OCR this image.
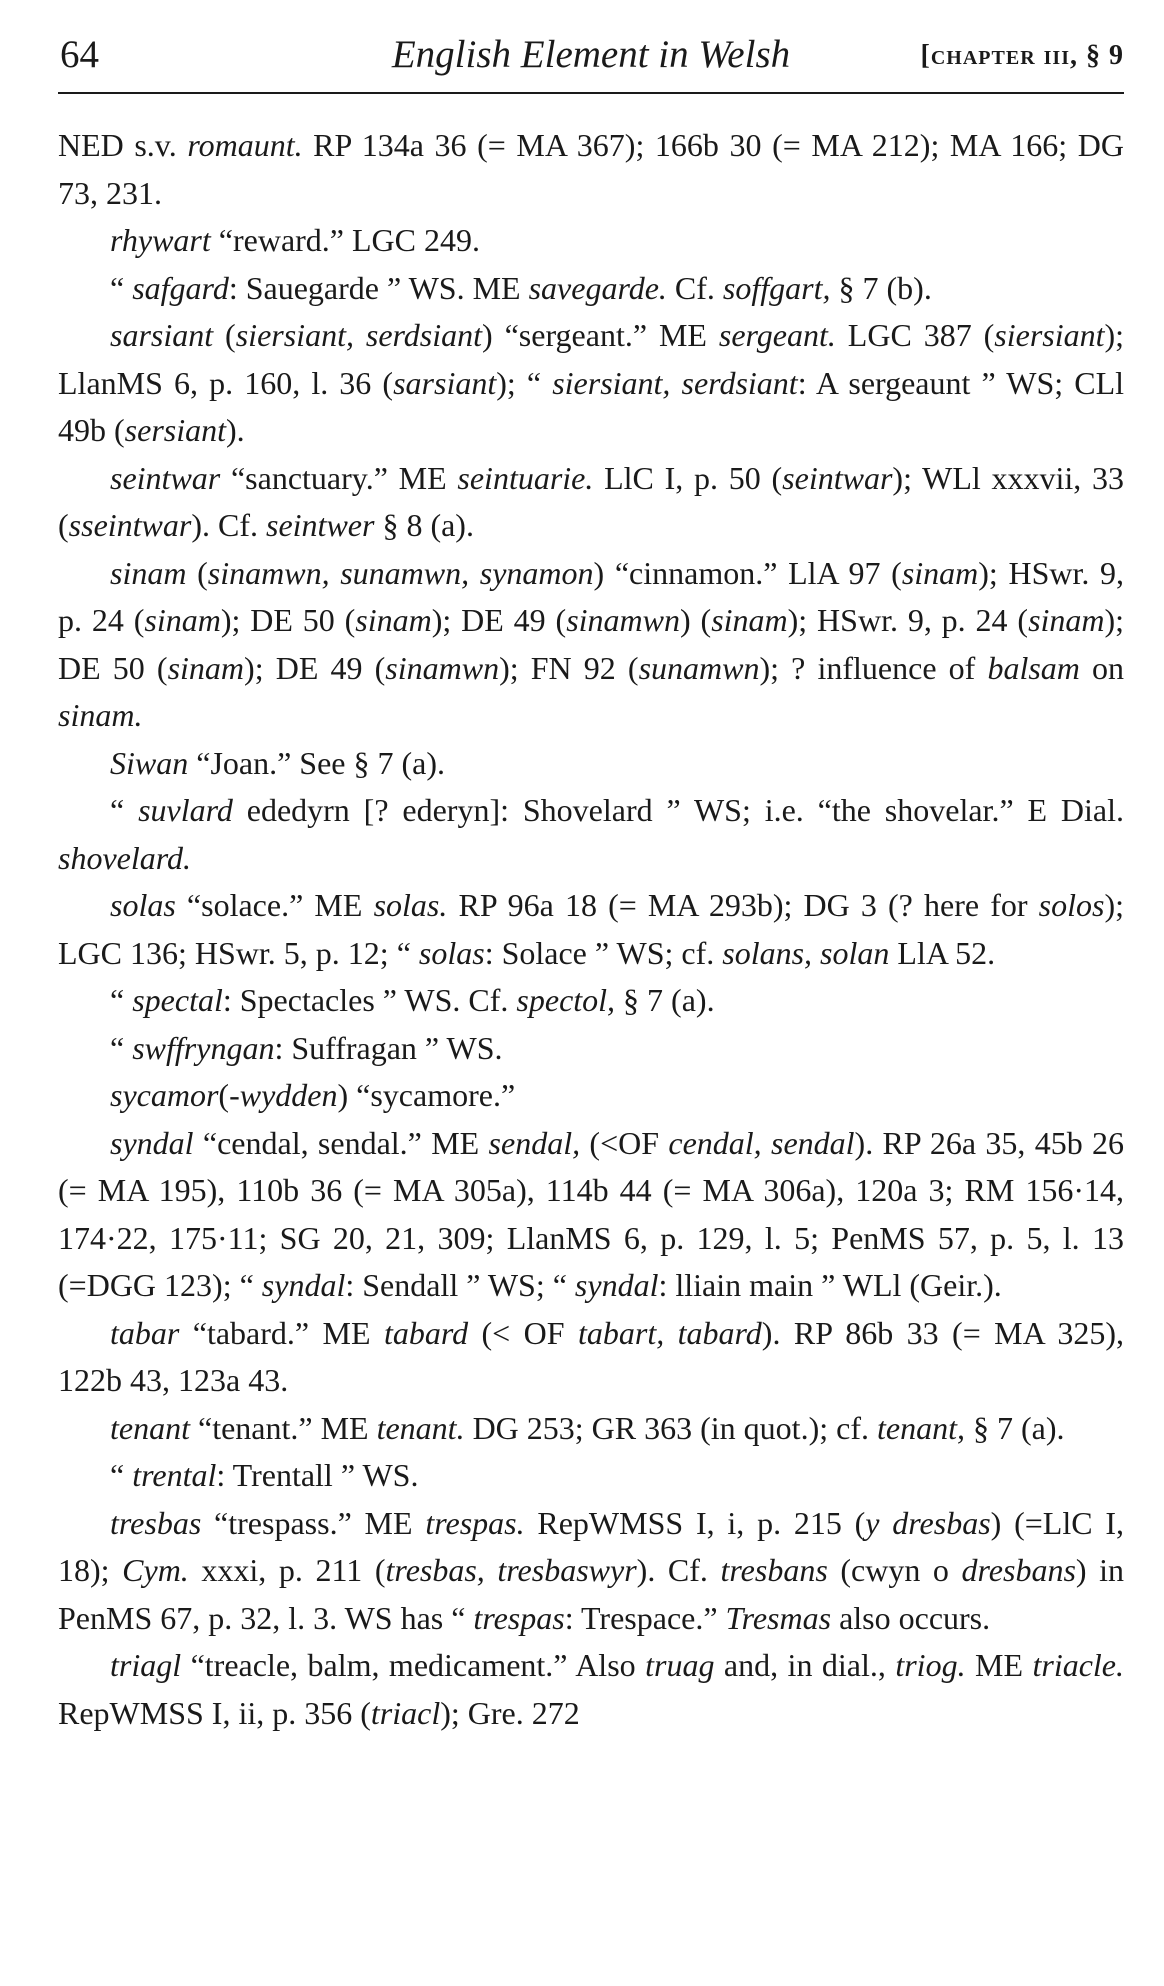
64	English Element in Welsh	[chapter iii, § 9

NED s.v. romaunt. RP 134a 36 (= MA 367); 166b 30 (= MA 212); MA 166; DG 73, 231.

rhywart “reward.” LGC 249.

“ safgard: Sauegarde ” WS. ME savegarde. Cf. soffgart, § 7 (b).

sarsiant (siersiant, serdsiant) “sergeant.” ME sergeant. LGC 387 (siersiant); LlanMS 6, p. 160, l. 36 (sarsiant); “ siersiant, serdsiant: A sergeaunt ” WS; CLl 49b (sersiant).

seintwar “sanctuary.” ME seintuarie. LlC I, p. 50 (seintwar); WLl xxxvii, 33 (sseintwar). Cf. seintwer § 8 (a).

sinam (sinamwn, sunamwn, synamon) “cinnamon.” LlA 97 (sinam); HSwr. 9, p. 24 (sinam); DE 50 (sinam); DE 49 (sinamwn) (sinam); HSwr. 9, p. 24 (sinam); DE 50 (sinam); DE 49 (sinamwn); FN 92 (sunamwn); ? influence of balsam on sinam.

Siwan “Joan.” See § 7 (a).

“ suvlard ededyrn [? ederyn]: Shovelard ” WS; i.e. “the shovelar.” E Dial. shovelard.

solas “solace.” ME solas. RP 96a 18 (= MA 293b); DG 3 (? here for solos); LGC 136; HSwr. 5, p. 12; “ solas: Solace ” WS; cf. solans, solan LlA 52.

“ spectal: Spectacles ” WS. Cf. spectol, § 7 (a).

“ swffryngan: Suffragan ” WS.

sycamor(-wydden) “sycamore.”

syndal “cendal, sendal.” ME sendal, (<OF cendal, sendal). RP 26a 35, 45b 26 (= MA 195), 110b 36 (= MA 305a), 114b 44 (= MA 306a), 120a 3; RM 156·14, 174·22, 175·11; SG 20, 21, 309; LlanMS 6, p. 129, l. 5; PenMS 57, p. 5, l. 13 (=DGG 123); “ syndal: Sendall ” WS; “ syndal: lliain main ” WLl (Geir.).

tabar “tabard.” ME tabard (< OF tabart, tabard). RP 86b 33 (= MA 325), 122b 43, 123a 43.

tenant “tenant.” ME tenant. DG 253; GR 363 (in quot.); cf. tenant, § 7 (a).

“ trental: Trentall ” WS.

tresbas “trespass.” ME trespas. RepWMSS I, i, p. 215 (y dresbas) (=LlC I, 18); Cym. xxxi, p. 211 (tresbas, tresbaswyr). Cf. tresbans (cwyn o dresbans) in PenMS 67, p. 32, l. 3. WS has “ trespas: Trespace.” Tresmas also occurs.

triagl “treacle, balm, medicament.” Also truag and, in dial., triog. ME triacle. RepWMSS I, ii, p. 356 (triacl); Gre. 272
